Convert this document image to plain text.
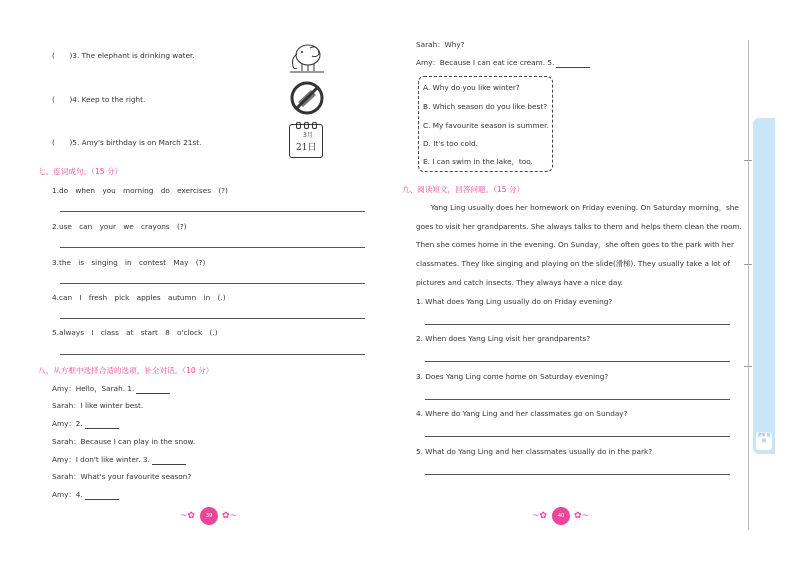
(　　)3. The elephant is drinking water.
(　　)4. Keep to the right.
(　　)5. Amy's birthday is on March 21st.
3月
21日
七、连词成句。（15 分）
1.do　when　you　morning　do　exercises　(?)
2.use　can　your　we　crayons　(?)
3.the　is　singing　in　contest　May　(?)
4.can　I　fresh　pick　apples　autumn　in　(.)
5.always　I　class　at　start　8　o'clock　(.)
八、从方框中选择合适的选项，补全对话。（10 分）
Amy：Hello，Sarah. 1.
Sarah：I like winter best.
Amy：2.
Sarah：Because I can play in the snow.
Amy：I don't like winter. 3.
Sarah：What's your favourite season?
Amy：4.
~✿	39	✿~
Sarah：Why?
Amy：Because I can eat ice cream. 5.
A. Why do you like winter?
B. Which season do you like best?
C. My favourite season is summer.
D. It's too cold.
E. I can swim in the lake，too.
九、阅读短文，回答问题。（15 分）
　　Yang Ling usually does her homework on Friday evening. On Saturday morning，she
goes to visit her grandparents. She always talks to them and helps them clean the room.
Then she comes home in the evening. On Sunday，she often goes to the park with her
classmates. They like singing and playing on the slide(滑梯). They usually take a lot of
pictures and catch insects. They always have a nice day.
1. What does Yang Ling usually do on Friday evening?
2. When does Yang Ling visit her grandparents?
3. Does Yang Ling come home on Saturday evening?
4. Where do Yang Ling and her classmates go on Sunday?
5. What do Yang Ling and her classmates usually do in the park?
~✿	40	✿~
老师 批阅
